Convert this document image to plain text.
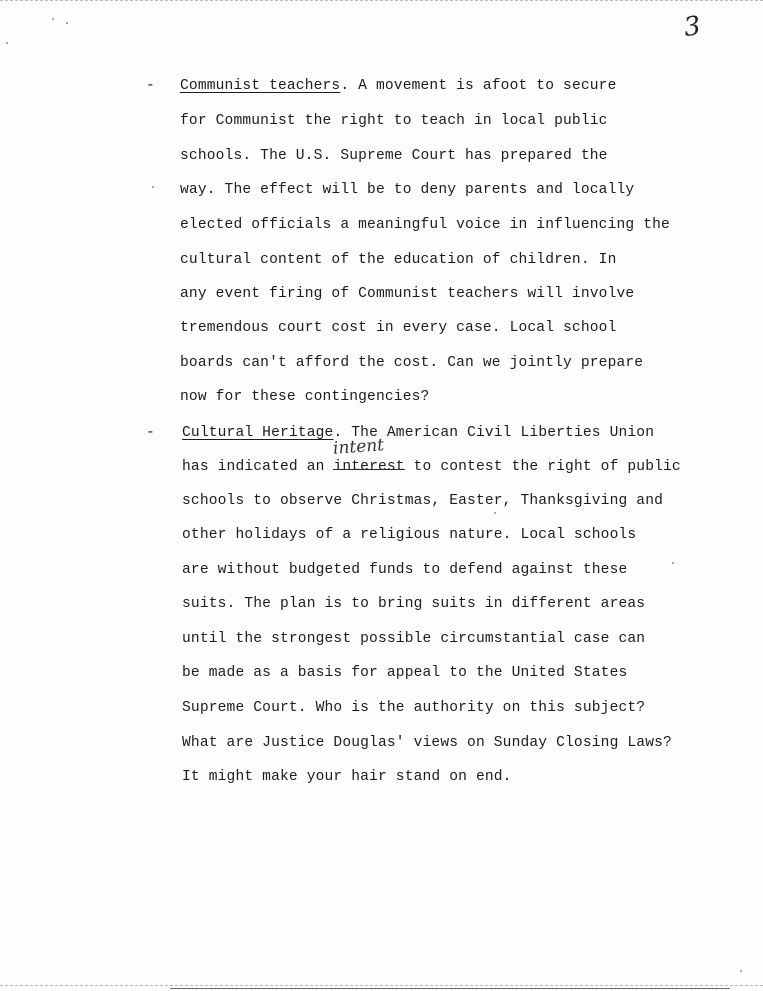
3
- Communist teachers. A movement is afoot to secure
for Communist the right to teach in local public
schools. The U.S. Supreme Court has prepared the
way. The effect will be to deny parents and locally
elected officials a meaningful voice in influencing the
cultural content of the education of children. In
any event firing of Communist teachers will involve
tremendous court cost in every case. Local school
boards can't afford the cost. Can we jointly prepare
now for these contingencies?
- Cultural Heritage. The American Civil Liberties Union
intent
has indicated an interest
to contest the right of public
schools to observe Christmas, Easter, Thanksgiving and
other holidays of a religious nature. Local schools
are without budgeted funds to defend against these
suits. The plan is to bring suits in different areas
until the strongest possible circumstantial case can
be made as a basis for appeal to the United States
Supreme Court. Who is the authority on this subject?
What are Justice Douglas' views on Sunday Closing Laws?
It might make your hair stand on end.
